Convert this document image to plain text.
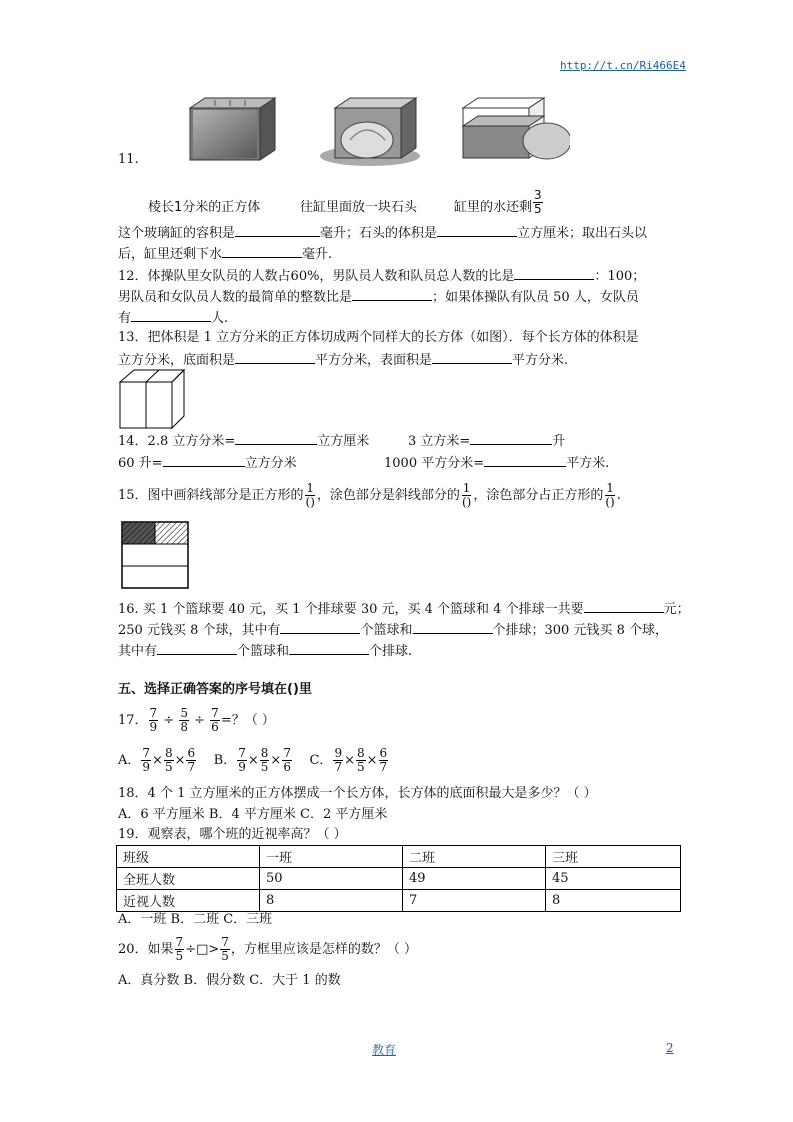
http://t.cn/Ri466E4
11.
棱长1分米的正方体	往缸里面放一块石头	缸里的水还剩 $\frac{3}{5}$
这个玻璃缸的容积是	毫升；石头的体积是	立方厘米；取出石头以
后，缸里还剩下水	毫升.
12．体操队里女队员的人数占60%，男队员人数和队员总人数的比是	：100；
男队员和女队员人数的最简单的整数比是	；如果体操队有队员 50 人，女队员
有	人.
13．把体积是 1 立方分米的正方体切成两个同样大的长方体（如图）．每个长方体的体积是
立方分米，底面积是	平方分米，表面积是	平方分米.
14．2.8 立方分米=	立方厘米	3 立方米=	升
60 升=	立方分米	1000 平方分米=	平方米.
15．图中画斜线部分是正方形的 $\frac{1}{()}$ ，涂色部分是斜线部分的 $\frac{1}{()}$ ，涂色部分占正方形的 $\frac{1}{()}$ .
16. 买 1 个篮球要 40 元，买 1 个排球要 30 元，买 4 个篮球和 4 个排球一共要	元；
250 元钱买 8 个球，其中有	个篮球和	个排球；300 元钱买 8 个球，
其中有	个篮球和	个排球.
五、选择正确答案的序号填在()里
17． $\frac{7}{9} \div \frac{5}{8} \div \frac{7}{6}$ =？（ ）
A． $\frac{7}{9} \times \frac{8}{5} \times \frac{6}{7}$ B． $\frac{7}{9} \times \frac{8}{5} \times \frac{7}{6}$ C． $\frac{9}{7} \times \frac{8}{5} \times \frac{6}{7}$
18．4 个 1 立方厘米的正方体摆成一个长方体，长方体的底面积最大是多少？（ ）
A．6 平方厘米 B．4 平方厘米 C．2 平方厘米
19．观察表，哪个班的近视率高？（ ）
班级	一班	二班	三班
全班人数	50	49	45
近视人数	8	7	8
A．一班 B．二班 C．三班
20．如果 $\frac{7}{5}$ ÷□> $\frac{7}{5}$ ，方框里应该是怎样的数？（ ）
A．真分数 B．假分数 C．大于 1 的数
教育	2
